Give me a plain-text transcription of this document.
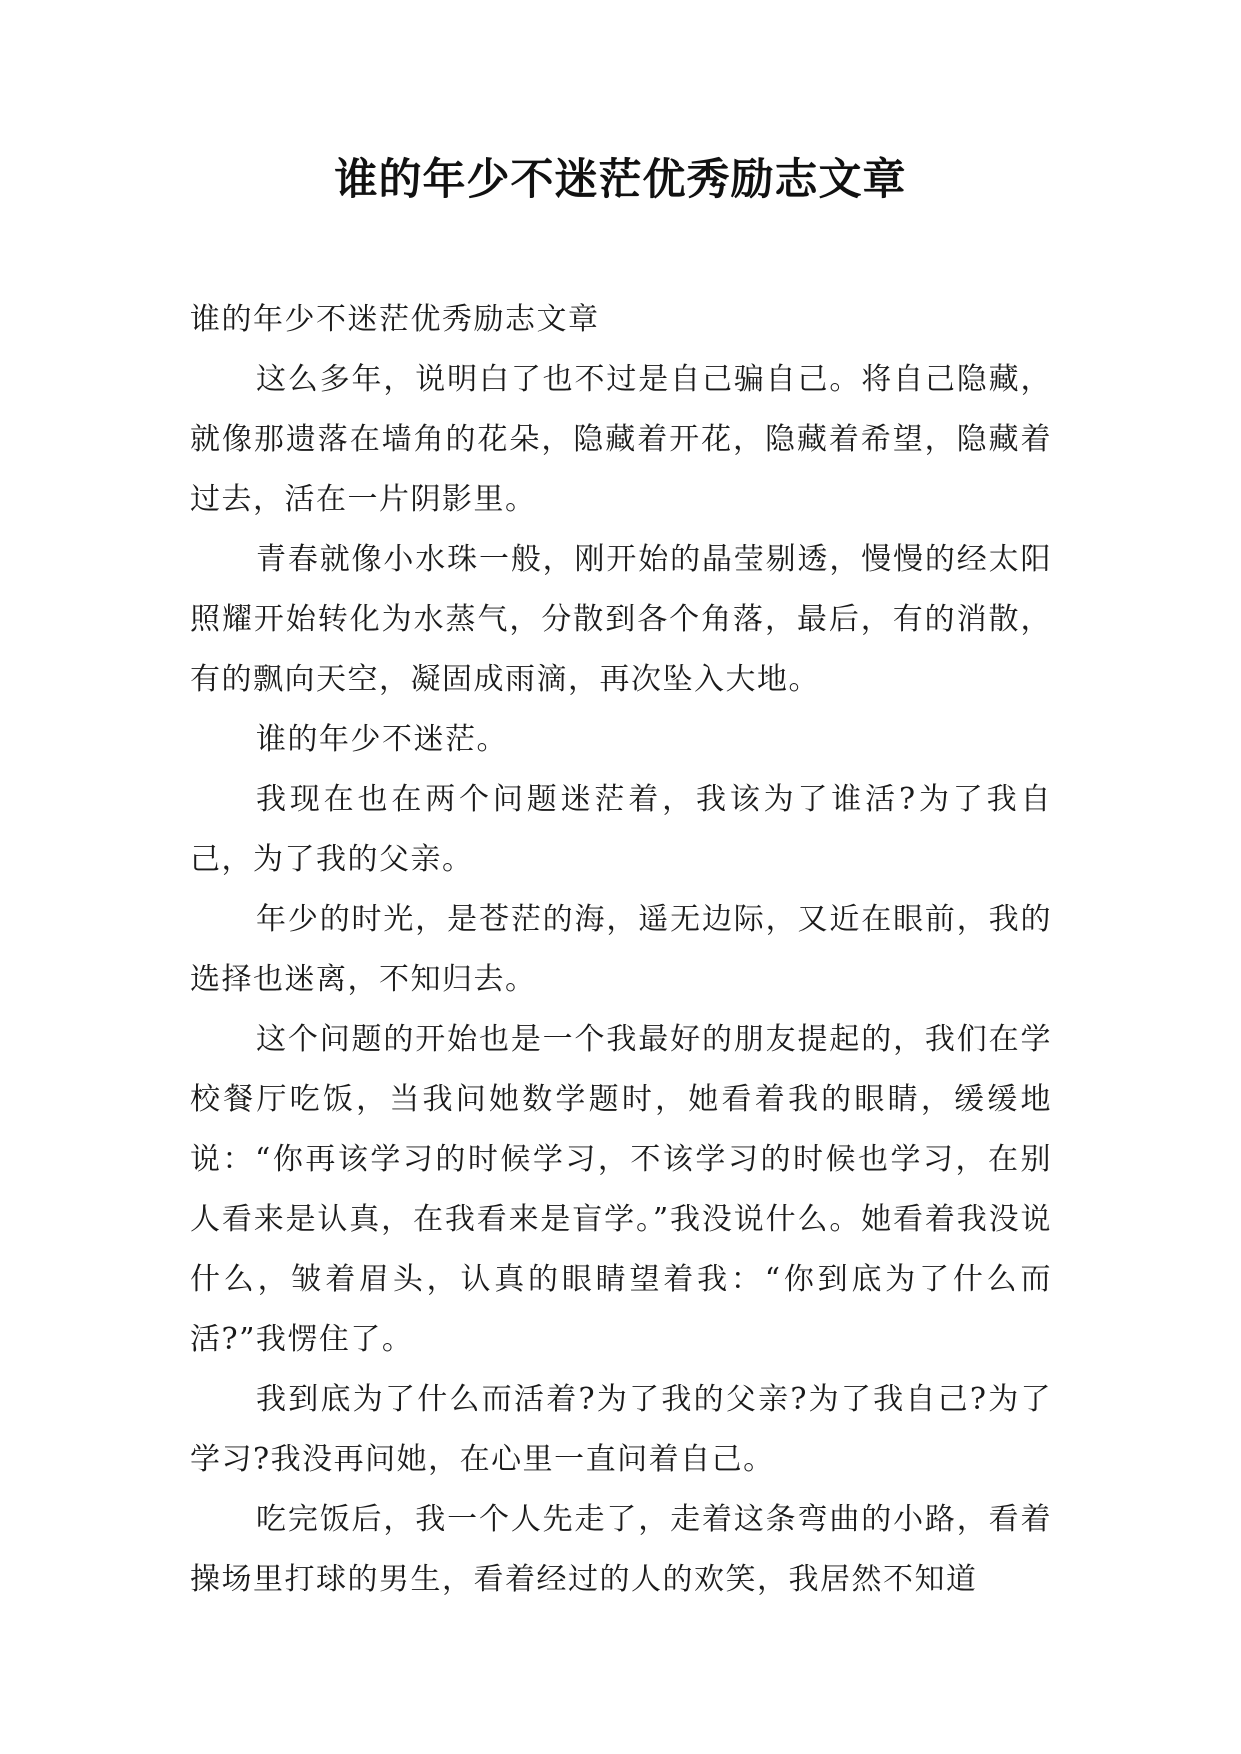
谁的年少不迷茫优秀励志文章

谁的年少不迷茫优秀励志文章

这么多年，说明白了也不过是自己骗自己。将自己隐藏，就像那遗落在墙角的花朵，隐藏着开花，隐藏着希望，隐藏着过去，活在一片阴影里。

青春就像小水珠一般，刚开始的晶莹剔透，慢慢的经太阳照耀开始转化为水蒸气，分散到各个角落，最后，有的消散，有的飘向天空，凝固成雨滴，再次坠入大地。

谁的年少不迷茫。

我现在也在两个问题迷茫着，我该为了谁活?为了我自己，为了我的父亲。

年少的时光，是苍茫的海，遥无边际，又近在眼前，我的选择也迷离，不知归去。

这个问题的开始也是一个我最好的朋友提起的，我们在学校餐厅吃饭，当我问她数学题时，她看着我的眼睛，缓缓地说：“你再该学习的时候学习，不该学习的时候也学习，在别人看来是认真，在我看来是盲学。”我没说什么。她看着我没说什么，皱着眉头，认真的眼睛望着我：“你到底为了什么而活?”我愣住了。

我到底为了什么而活着?为了我的父亲?为了我自己?为了学习?我没再问她，在心里一直问着自己。

吃完饭后，我一个人先走了，走着这条弯曲的小路，看着操场里打球的男生，看着经过的人的欢笑，我居然不知道
